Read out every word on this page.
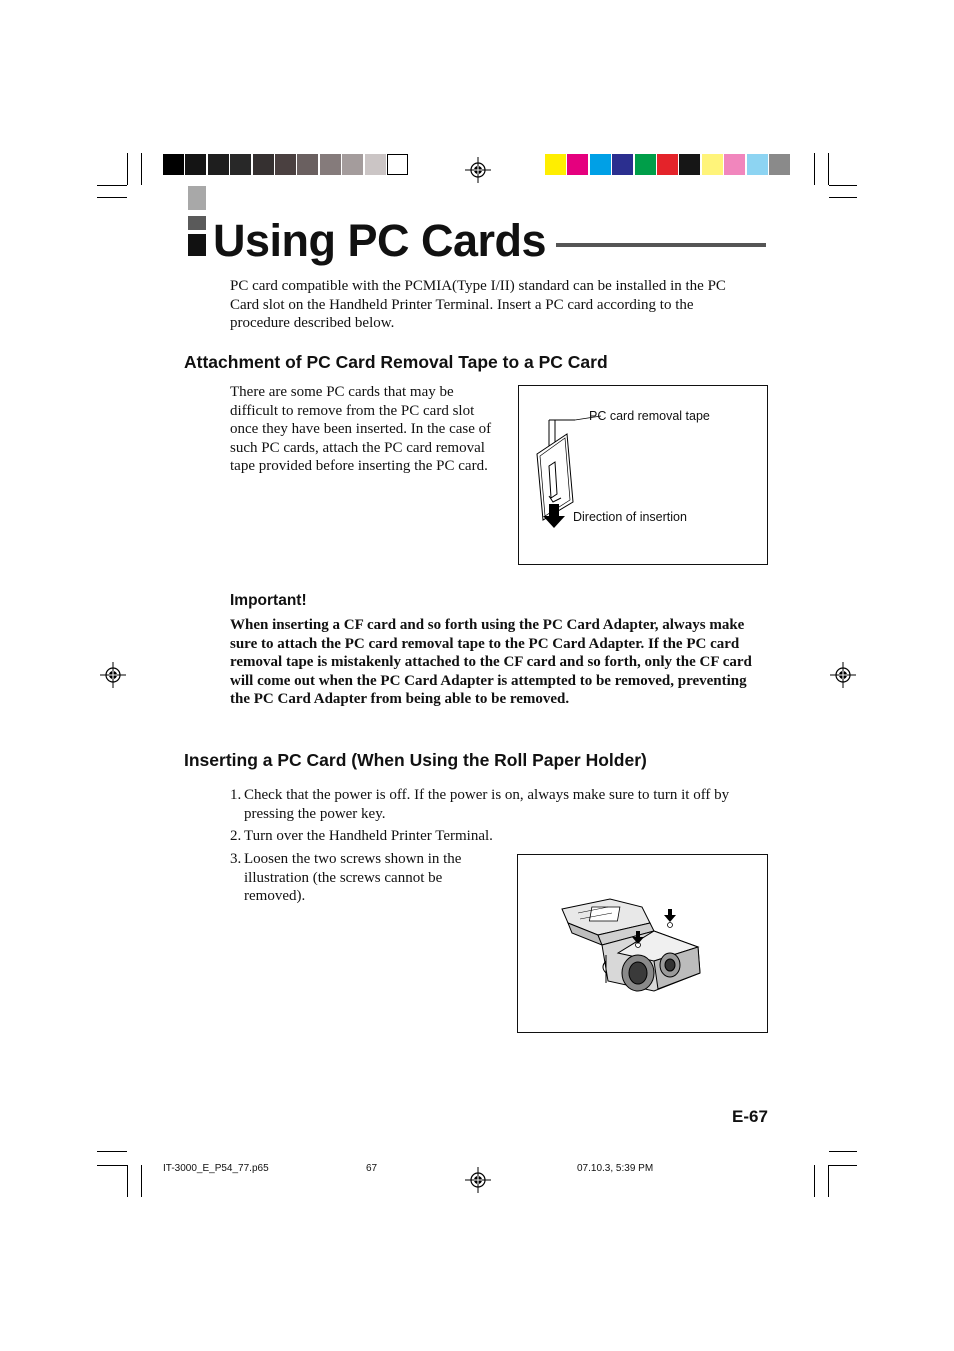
Using PC Cards

PC card compatible with the PCMIA(Type I/II) standard can be installed in the PC Card slot on the Handheld Printer Terminal. Insert a PC card according to the procedure described below.

Attachment of PC Card Removal Tape to a PC Card

There are some PC cards that may be difficult to remove from the PC card slot once they have been inserted. In the case of such PC cards, attach the PC card removal tape provided before inserting the PC card.

PC card removal tape
Direction of insertion
Important!

When inserting a CF card and so forth using the PC Card Adapter, always make sure to attach the PC card removal tape to the PC Card Adapter. If the PC card removal tape is mistakenly attached to the CF card and so forth, only the CF card will come out when the PC Card Adapter is attempted to be removed, preventing the PC Card Adapter from being able to be removed.

Inserting a PC Card (When Using the Roll Paper Holder)
1. Check that the power is off. If the power is on, always make sure to turn it off by pressing the power key.
2. Turn over the Handheld Printer Terminal.
3. Loosen the two screws shown in the illustration (the screws cannot be removed).
E-67
IT-3000_E_P54_77.p65	67	07.10.3, 5:39 PM
